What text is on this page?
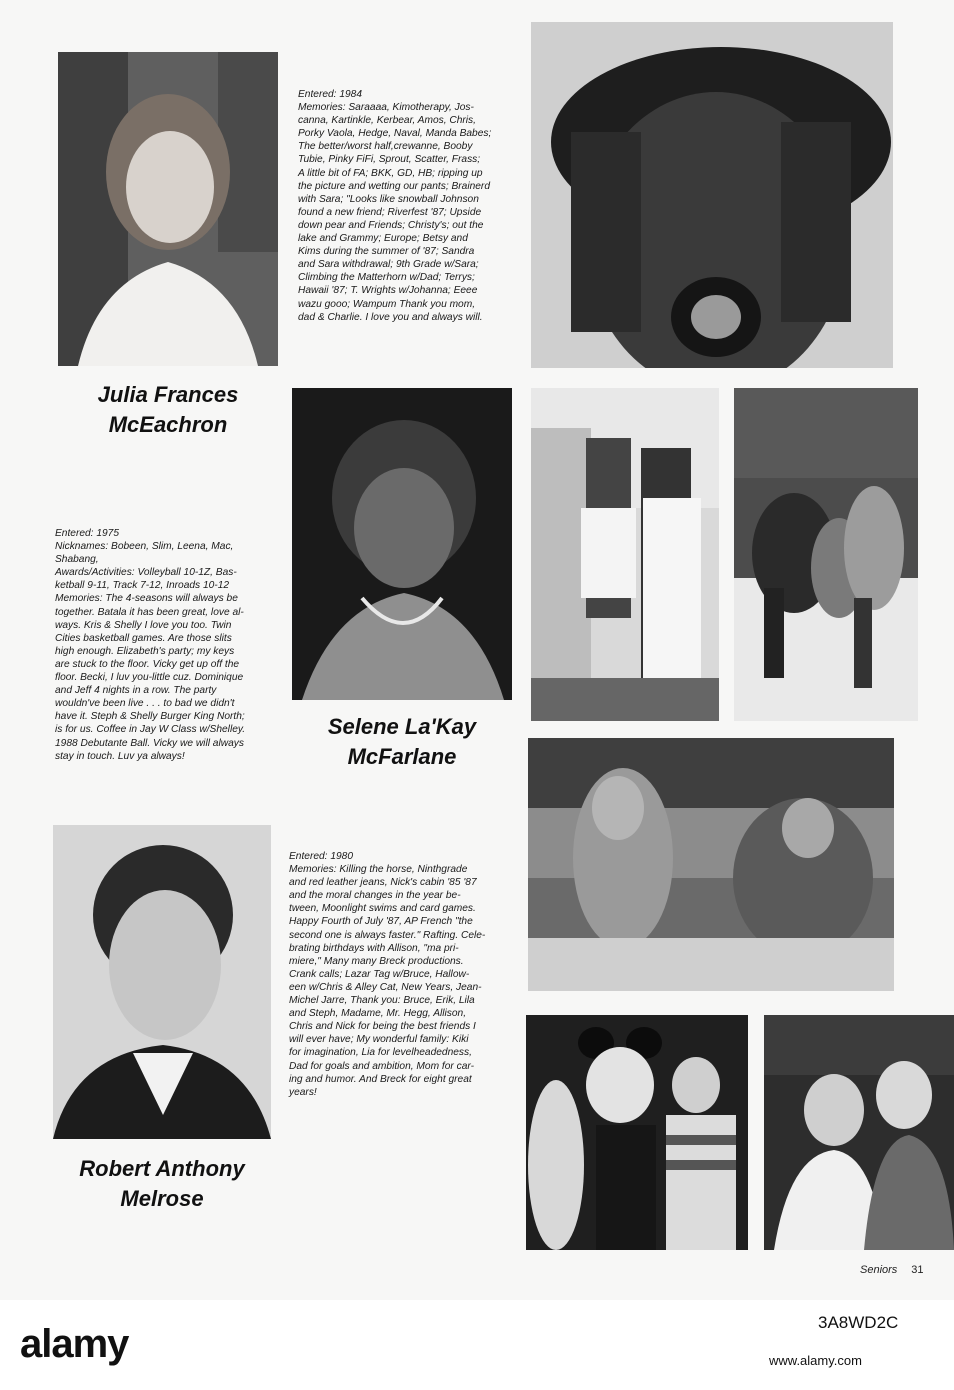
Entered: 1984
Memories: Saraaaa, Kimotherapy, Jos-
canna, Kartinkle, Kerbear, Amos, Chris,
Porky Vaola, Hedge, Naval, Manda Babes;
The better/worst half,crewanne, Booby
Tubie, Pinky FiFi, Sprout, Scatter, Frass;
A little bit of FA; BKK, GD, HB; ripping up
the picture and wetting our pants; Brainerd
with Sara; "Looks like snowball Johnson
found a new friend; Riverfest '87; Upside
down pear and Friends; Christy's; out the
lake and Grammy; Europe; Betsy and
Kims during the summer of '87; Sandra
and Sara withdrawal; 9th Grade w/Sara;
Climbing the Matterhorn w/Dad; Terrys;
Hawaii '87; T. Wrights w/Johanna; Eeee
wazu gooo; Wampum Thank you mom,
dad & Charlie. I love you and always will.
Julia Frances
McEachron
Entered: 1975
Nicknames: Bobeen, Slim, Leena, Mac,
Shabang,
Awards/Activities: Volleyball 10-1Z, Bas-
ketball 9-11, Track 7-12, Inroads 10-12
Memories: The 4-seasons will always be
together. Batala it has been great, love al-
ways. Kris & Shelly I love you too. Twin
Cities basketball games. Are those slits
high enough. Elizabeth's party; my keys
are stuck to the floor. Vicky get up off the
floor. Becki, I luv you-little cuz. Dominique
and Jeff 4 nights in a row. The party
wouldn've been live . . . to bad we didn't
have it. Steph & Shelly Burger King North;
is for us. Coffee in Jay W Class w/Shelley.
1988 Debutante Ball. Vicky we will always
stay in touch. Luv ya always!
Selene La'Kay
McFarlane
Entered: 1980
Memories: Killing the horse, Ninthgrade
and red leather jeans, Nick's cabin '85 '87
and the moral changes in the year be-
tween, Moonlight swims and card games.
Happy Fourth of July '87, AP French "the
second one is always faster." Rafting. Cele-
brating birthdays with Allison, "ma pri-
miere," Many many Breck productions.
Crank calls; Lazar Tag w/Bruce, Hallow-
een w/Chris & Alley Cat, New Years, Jean-
Michel Jarre, Thank you: Bruce, Erik, Lila
and Steph, Madame, Mr. Hegg, Allison,
Chris and Nick for being the best friends I
will ever have; My wonderful family: Kiki
for imagination, Lia for levelheadedness,
Dad for goals and ambition, Mom for car-
ing and humor. And Breck for eight great
years!
Robert Anthony
Melrose
Seniors 31
alamy	3A8WD2C
www.alamy.com
